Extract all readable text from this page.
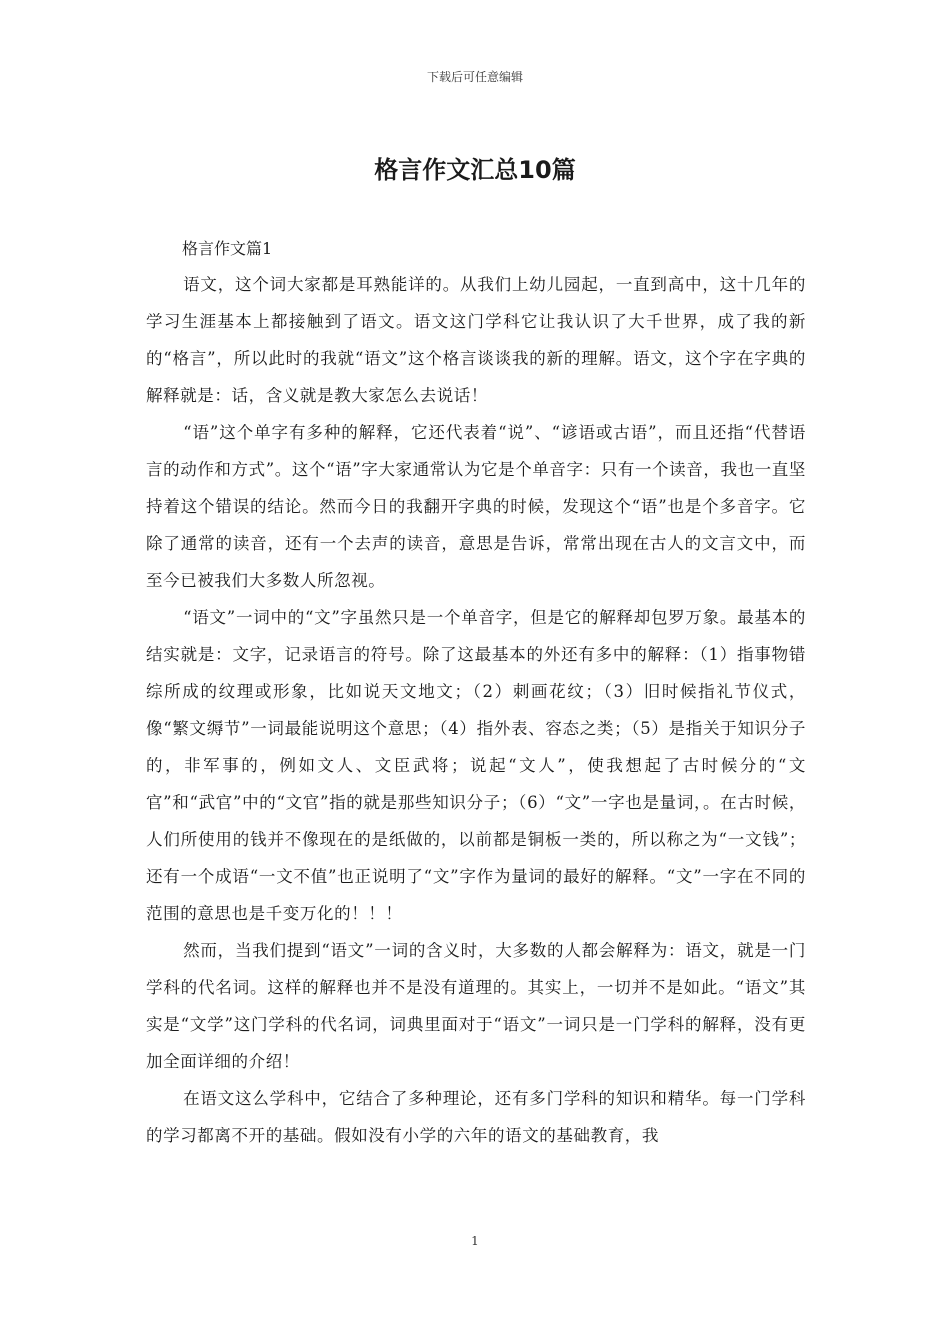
下载后可任意编辑
格言作文汇总10篇

格言作文篇1

语文，这个词大家都是耳熟能详的。从我们上幼儿园起，一直到高中，这十几年的学习生涯基本上都接触到了语文。语文这门学科它让我认识了大千世界，成了我的新的“格言”，所以此时的我就“语文”这个格言谈谈我的新的理解。语文，这个字在字典的解释就是：话，含义就是教大家怎么去说话！

“语”这个单字有多种的解释，它还代表着“说”、“谚语或古语”，而且还指“代替语言的动作和方式”。这个“语”字大家通常认为它是个单音字：只有一个读音，我也一直坚持着这个错误的结论。然而今日的我翻开字典的时候，发现这个“语”也是个多音字。它除了通常的读音，还有一个去声的读音，意思是告诉，常常出现在古人的文言文中，而至今已被我们大多数人所忽视。

“语文”一词中的“文”字虽然只是一个单音字，但是它的解释却包罗万象。最基本的结实就是：文字，记录语言的符号。除了这最基本的外还有多中的解释：（1）指事物错综所成的纹理或形象，比如说天文地文；（2）刺画花纹；（3）旧时候指礼节仪式，像“繁文缛节”一词最能说明这个意思；（4）指外表、容态之类；（5）是指关于知识分子的，非军事的，例如文人、文臣武将；说起“文人”，使我想起了古时候分的“文官”和“武官”中的“文官”指的就是那些知识分子；（6）“文”一字也是量词，。在古时候，人们所使用的钱并不像现在的是纸做的，以前都是铜板一类的，所以称之为“一文钱”；还有一个成语“一文不值”也正说明了“文”字作为量词的最好的解释。“文”一字在不同的范围的意思也是千变万化的！！！

然而，当我们提到“语文”一词的含义时，大多数的人都会解释为：语文，就是一门学科的代名词。这样的解释也并不是没有道理的。其实上，一切并不是如此。“语文”其实是“文学”这门学科的代名词，词典里面对于“语文”一词只是一门学科的解释，没有更加全面详细的介绍！

在语文这么学科中，它结合了多种理论，还有多门学科的知识和精华。每一门学科的学习都离不开的基础。假如没有小学的六年的语文的基础教育，我

1
